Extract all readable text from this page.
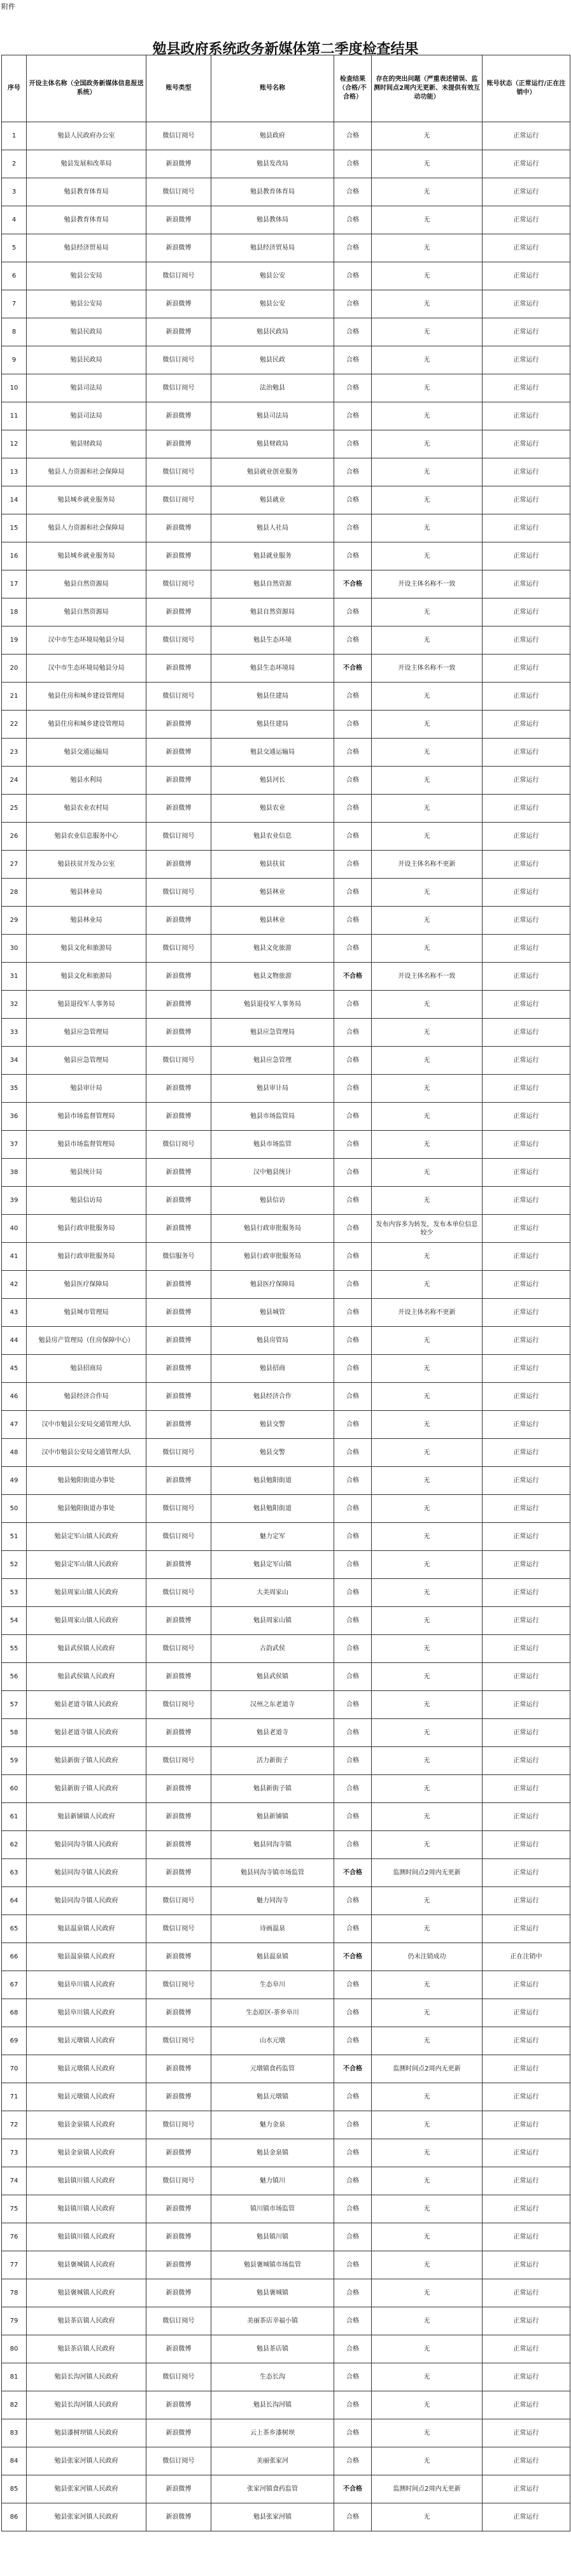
附件
勉县政府系统政务新媒体第二季度检查结果
序号	开设主体名称（全国政务新媒体信息报送系统）	账号类型	账号名称	检查结果（合格/不合格）	存在的突出问题（严重表述错误、监测时间点2周内无更新、未提供有效互动功能）	账号状态（正常运行/正在注销中）
1	勉县人民政府办公室	微信订阅号	勉县政府	合格	无	正常运行
2	勉县发展和改革局	新浪微博	勉县发改局	合格	无	正常运行
3	勉县教育体育局	微信订阅号	勉县教育体育局	合格	无	正常运行
4	勉县教育体育局	新浪微博	勉县教体局	合格	无	正常运行
5	勉县经济贸易局	新浪微博	勉县经济贸易局	合格	无	正常运行
6	勉县公安局	微信订阅号	勉县公安	合格	无	正常运行
7	勉县公安局	新浪微博	勉县公安	合格	无	正常运行
8	勉县民政局	新浪微博	勉县民政局	合格	无	正常运行
9	勉县民政局	微信订阅号	勉县民政	合格	无	正常运行
10	勉县司法局	微信订阅号	法治勉县	合格	无	正常运行
11	勉县司法局	新浪微博	勉县司法局	合格	无	正常运行
12	勉县财政局	新浪微博	勉县财政局	合格	无	正常运行
13	勉县人力资源和社会保障局	微信订阅号	勉县就业创业服务	合格	无	正常运行
14	勉县城乡就业服务局	微信订阅号	勉县就业	合格	无	正常运行
15	勉县人力资源和社会保障局	新浪微博	勉县人社局	合格	无	正常运行
16	勉县城乡就业服务局	新浪微博	勉县就业服务	合格	无	正常运行
17	勉县自然资源局	微信订阅号	勉县自然资源	不合格	开设主体名称不一致	正常运行
18	勉县自然资源局	新浪微博	勉县自然资源局	合格	无	正常运行
19	汉中市生态环境局勉县分局	微信订阅号	勉县生态环境	合格	无	正常运行
20	汉中市生态环境局勉县分局	新浪微博	勉县生态环境局	不合格	开设主体名称不一致	正常运行
21	勉县住房和城乡建设管理局	微信订阅号	勉县住建局	合格	无	正常运行
22	勉县住房和城乡建设管理局	新浪微博	勉县住建局	合格	无	正常运行
23	勉县交通运输局	新浪微博	勉县交通运输局	合格	无	正常运行
24	勉县水利局	新浪微博	勉县河长	合格	无	正常运行
25	勉县农业农村局	新浪微博	勉县农业	合格	无	正常运行
26	勉县农业信息服务中心	微信订阅号	勉县农业信息	合格	无	正常运行
27	勉县扶贫开发办公室	新浪微博	勉县扶贫	合格	开设主体名称不更新	正常运行
28	勉县林业局	微信订阅号	勉县林业	合格	无	正常运行
29	勉县林业局	新浪微博	勉县林业	合格	无	正常运行
30	勉县文化和旅游局	微信订阅号	勉县文化旅游	合格	无	正常运行
31	勉县文化和旅游局	新浪微博	勉县文物旅游	不合格	开设主体名称不一致	正常运行
32	勉县退役军人事务局	新浪微博	勉县退役军人事务局	合格	无	正常运行
33	勉县应急管理局	新浪微博	勉县应急管理局	合格	无	正常运行
34	勉县应急管理局	微信订阅号	勉县应急管理	合格	无	正常运行
35	勉县审计局	新浪微博	勉县审计局	合格	无	正常运行
36	勉县市场监督管理局	新浪微博	勉县市场监管局	合格	无	正常运行
37	勉县市场监督管理局	微信订阅号	勉县市场监管	合格	无	正常运行
38	勉县统计局	新浪微博	汉中勉县统计	合格	无	正常运行
39	勉县信访局	新浪微博	勉县信访	合格	无	正常运行
40	勉县行政审批服务局	新浪微博	勉县行政审批服务局	合格	发布内容多为转发，发布本单位信息较少	正常运行
41	勉县行政审批服务局	微信服务号	勉县行政审批服务局	合格	无	正常运行
42	勉县医疗保障局	新浪微博	勉县医疗保障局	合格	无	正常运行
43	勉县城市管理局	新浪微博	勉县城管	合格	开设主体名称不更新	正常运行
44	勉县房产管理局（住房保障中心）	新浪微博	勉县房管局	合格	无	正常运行
45	勉县招商局	新浪微博	勉县招商	合格	无	正常运行
46	勉县经济合作局	新浪微博	勉县经济合作	合格	无	正常运行
47	汉中市勉县公安局交通管理大队	新浪微博	勉县交警	合格	无	正常运行
48	汉中市勉县公安局交通管理大队	微信订阅号	勉县交警	合格	无	正常运行
49	勉县勉阳街道办事处	新浪微博	勉县勉阳街道	合格	无	正常运行
50	勉县勉阳街道办事处	微信订阅号	勉县勉阳街道	合格	无	正常运行
51	勉县定军山镇人民政府	微信订阅号	魅力定军	合格	无	正常运行
52	勉县定军山镇人民政府	新浪微博	勉县定军山镇	合格	无	正常运行
53	勉县周家山镇人民政府	微信订阅号	大美周家山	合格	无	正常运行
54	勉县周家山镇人民政府	新浪微博	勉县周家山镇	合格	无	正常运行
55	勉县武侯镇人民政府	微信订阅号	古韵武侯	合格	无	正常运行
56	勉县武侯镇人民政府	新浪微博	勉县武侯镇	合格	无	正常运行
57	勉县老道寺镇人民政府	微信订阅号	汉州之东老道寺	合格	无	正常运行
58	勉县老道寺镇人民政府	新浪微博	勉县老道寺	合格	无	正常运行
59	勉县新街子镇人民政府	微信订阅号	活力新街子	合格	无	正常运行
60	勉县新街子镇人民政府	新浪微博	勉县新街子镇	合格	无	正常运行
61	勉县新铺镇人民政府	新浪微博	勉县新铺镇	合格	无	正常运行
62	勉县同沟寺镇人民政府	新浪微博	勉县同沟寺镇	合格	无	正常运行
63	勉县同沟寺镇人民政府	新浪微博	勉县同沟寺镇市场监管	不合格	监测时间点2周内无更新	正常运行
64	勉县同沟寺镇人民政府	微信订阅号	魅力同沟寺	合格	无	正常运行
65	勉县温泉镇人民政府	微信订阅号	诗画温泉	合格	无	正常运行
66	勉县温泉镇人民政府	新浪微博	勉县温泉镇	不合格	仍未注销成功	正在注销中
67	勉县阜川镇人民政府	微信订阅号	生态阜川	合格	无	正常运行
68	勉县阜川镇人民政府	新浪微博	生态原区-茶乡阜川	合格	无	正常运行
69	勉县元墩镇人民政府	微信订阅号	山水元墩	合格	无	正常运行
70	勉县元墩镇人民政府	新浪微博	元墩镇食药监管	不合格	监测时间点2周内无更新	正常运行
71	勉县元墩镇人民政府	新浪微博	勉县元墩镇	合格	无	正常运行
72	勉县金泉镇人民政府	微信订阅号	魅力金泉	合格	无	正常运行
73	勉县金泉镇人民政府	新浪微博	勉县金泉镇	合格	无	正常运行
74	勉县镇川镇人民政府	微信订阅号	魅力镇川	合格	无	正常运行
75	勉县镇川镇人民政府	新浪微博	镇川镇市场监管	合格	无	正常运行
76	勉县镇川镇人民政府	新浪微博	勉县镇川镇	合格	无	正常运行
77	勉县褒城镇人民政府	新浪微博	勉县褒城镇市场监管	合格	无	正常运行
78	勉县褒城镇人民政府	新浪微博	勉县褒城镇	合格	无	正常运行
79	勉县茶店镇人民政府	微信订阅号	美丽茶店幸福小镇	合格	无	正常运行
80	勉县茶店镇人民政府	新浪微博	勉县茶店镇	合格	无	正常运行
81	勉县长沟河镇人民政府	微信订阅号	生态长沟	合格	无	正常运行
82	勉县长沟河镇人民政府	新浪微博	勉县长沟河镇	合格	无	正常运行
83	勉县漆树坝镇人民政府	新浪微博	云上茶乡漆树坝	合格	无	正常运行
84	勉县张家河镇人民政府	微信订阅号	美丽张家河	合格	无	正常运行
85	勉县张家河镇人民政府	新浪微博	张家河镇食药监管	不合格	监测时间点2周内无更新	正常运行
86	勉县张家河镇人民政府	新浪微博	勉县张家河镇	合格	无	正常运行
